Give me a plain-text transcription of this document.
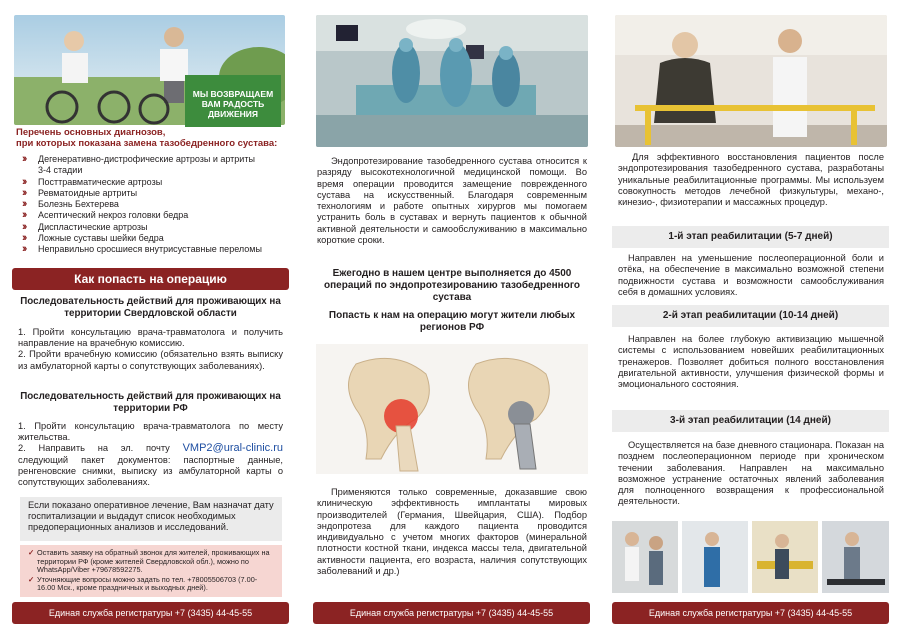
МЫ ВОЗВРАЩАЕМ
ВАМ РАДОСТЬ
ДВИЖЕНИЯ
Перечень основных диагнозов,
при которых показана замена тазобедренного сустава:
›› Дегенеративно-дистрофические артрозы и артриты
3-4 стадии
›› Посттравматические артрозы
›› Ревматоидные артриты
›› Болезнь Бехтерева
›› Асептический некроз головки бедра
›› Диспластические артрозы
›› Ложные суставы шейки бедра
›› Неправильно сросшиеся внутрисуставные переломы
Как попасть на операцию
Последовательность действий для проживающих на территории Свердловской области
1. Пройти консультацию врача-травматолога и получить направление на врачебную комиссию.
2. Пройти врачебную комиссию (обязательно взять выписку из амбулаторной карты о сопутствующих заболеваниях).
Последовательность действий для проживающих на территории РФ
1. Пройти консультацию врача-травматолога по месту жительства.
2. Направить на эл. почту VMP2@ural-clinic.ru следующий пакет документов: паспортные данные, ренгеновские снимки, выписку из амбулаторной карты о сопутствующих заболеваниях.
Если показано оперативное лечение, Вам назначат дату госпитализации и выдадут список необходимых предоперационных анализов и исследований.

✓ Оставить заявку на обратный звонок для жителей, проживающих на территории РФ (кроме жителей Свердловской обл.), можно по WhatsApp/Viber +79678592275.

✓ Уточняющие вопросы можно задать по тел. +78005506703 (7.00-16.00 Мск., кроме праздничных и выходных дней).

Единая служба регистратуры +7 (3435) 44-45-55
Эндопротезирование тазобедренного сустава относится к разряду высокотехнологичной медицинской помощи. Во время операции проводится замещение поврежденного сустава на искусственный. Благодаря современным технологиям и работе опытных хирургов мы помогаем устранить боль в суставах и вернуть пациентов к обычной активной деятельности и самообслуживанию в максимально короткие сроки.
Ежегодно в нашем центре выполняется до 4500 операций по эндопротезированию тазобедренного сустава
Попасть к нам на операцию могут жители любых регионов РФ
Применяются только современные, доказавшие свою клиническую эффективность имплантаты мировых производителей (Германия, Швейцария, США). Подбор эндопротеза для каждого пациента проводится индивидуально с учетом многих факторов (минеральной плотности костной ткани, индекса массы тела, двигательной активности пациента, его возраста, наличия сопутствующих заболеваний и др.)
Единая служба регистратуры +7 (3435) 44-45-55
Для эффективного восстановления пациентов после эндопротезирования тазобедренного сустава, разработаны уникальные реабилитационные программы. Мы используем совокупность методов лечебной физкультуры, механо-, кинезио-, физиотерапии и массажных процедур.
1-й этап реабилитации (5-7 дней)
Направлен на уменьшение послеоперационной боли и отёка, на обеспечение в максимально возможной степени подвижности сустава и возможности самообслуживания себя в домашних условиях.
2-й этап реабилитации (10-14 дней)
Направлен на более глубокую активизацию мышечной системы с использованием новейших реабилитационных тренажеров. Позволяет добиться полного восстановления двигательной активности, улучшения физической формы и эмоционального состояния.
3-й этап реабилитации (14 дней)
Осуществляется на базе дневного стационара. Показан на позднем послеоперационном периоде при хроническом течении заболевания. Направлен на максимально возможное устранение остаточных явлений заболевания для полноценного возвращения к профессиональной деятельности.
Единая служба регистратуры +7 (3435) 44-45-55
